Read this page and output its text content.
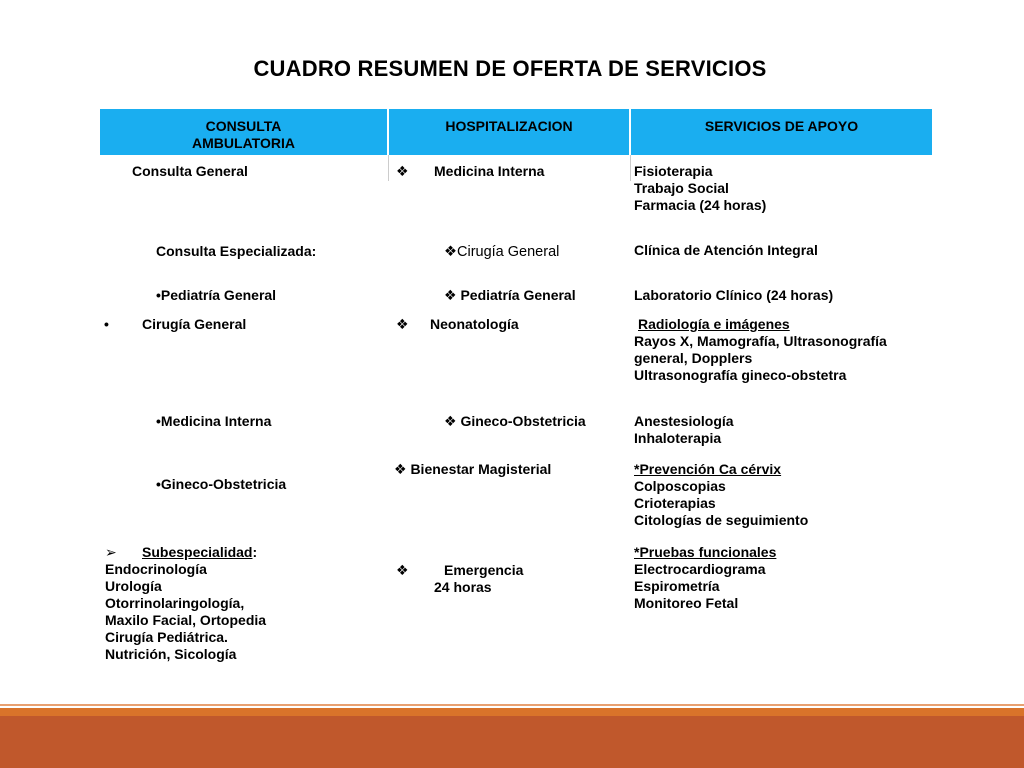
CUADRO RESUMEN DE OFERTA DE SERVICIOS
CONSULTA
AMBULATORIA
HOSPITALIZACION	SERVICIOS DE APOYO
Consulta General
Consulta Especializada:
•Pediatría General
• Cirugía General
•Medicina Interna
•Gineco-Obstetricia
➢ Subespecialidad:
Endocrinología
Urología
Otorrinolaringología,
Maxilo Facial, Ortopedia
Cirugía Pediátrica.
Nutrición, Sicología
❖ Medicina Interna
❖Cirugía General
❖ Pediatría General
❖ Neonatología
❖ Gineco-Obstetricia
❖ Bienestar Magisterial
❖	Emergencia
24 horas
Fisioterapia
Trabajo Social
Farmacia (24 horas)
Clínica de Atención Integral
Laboratorio Clínico (24 horas)
Radiología e imágenes
Rayos X, Mamografía, Ultrasonografía
general, Dopplers
Ultrasonografía gineco-obstetra
Anestesiología
Inhaloterapia
*Prevención Ca cérvix
Colposcopias
Crioterapias
Citologías de seguimiento
*Pruebas funcionales
Electrocardiograma
Espirometría
Monitoreo Fetal
